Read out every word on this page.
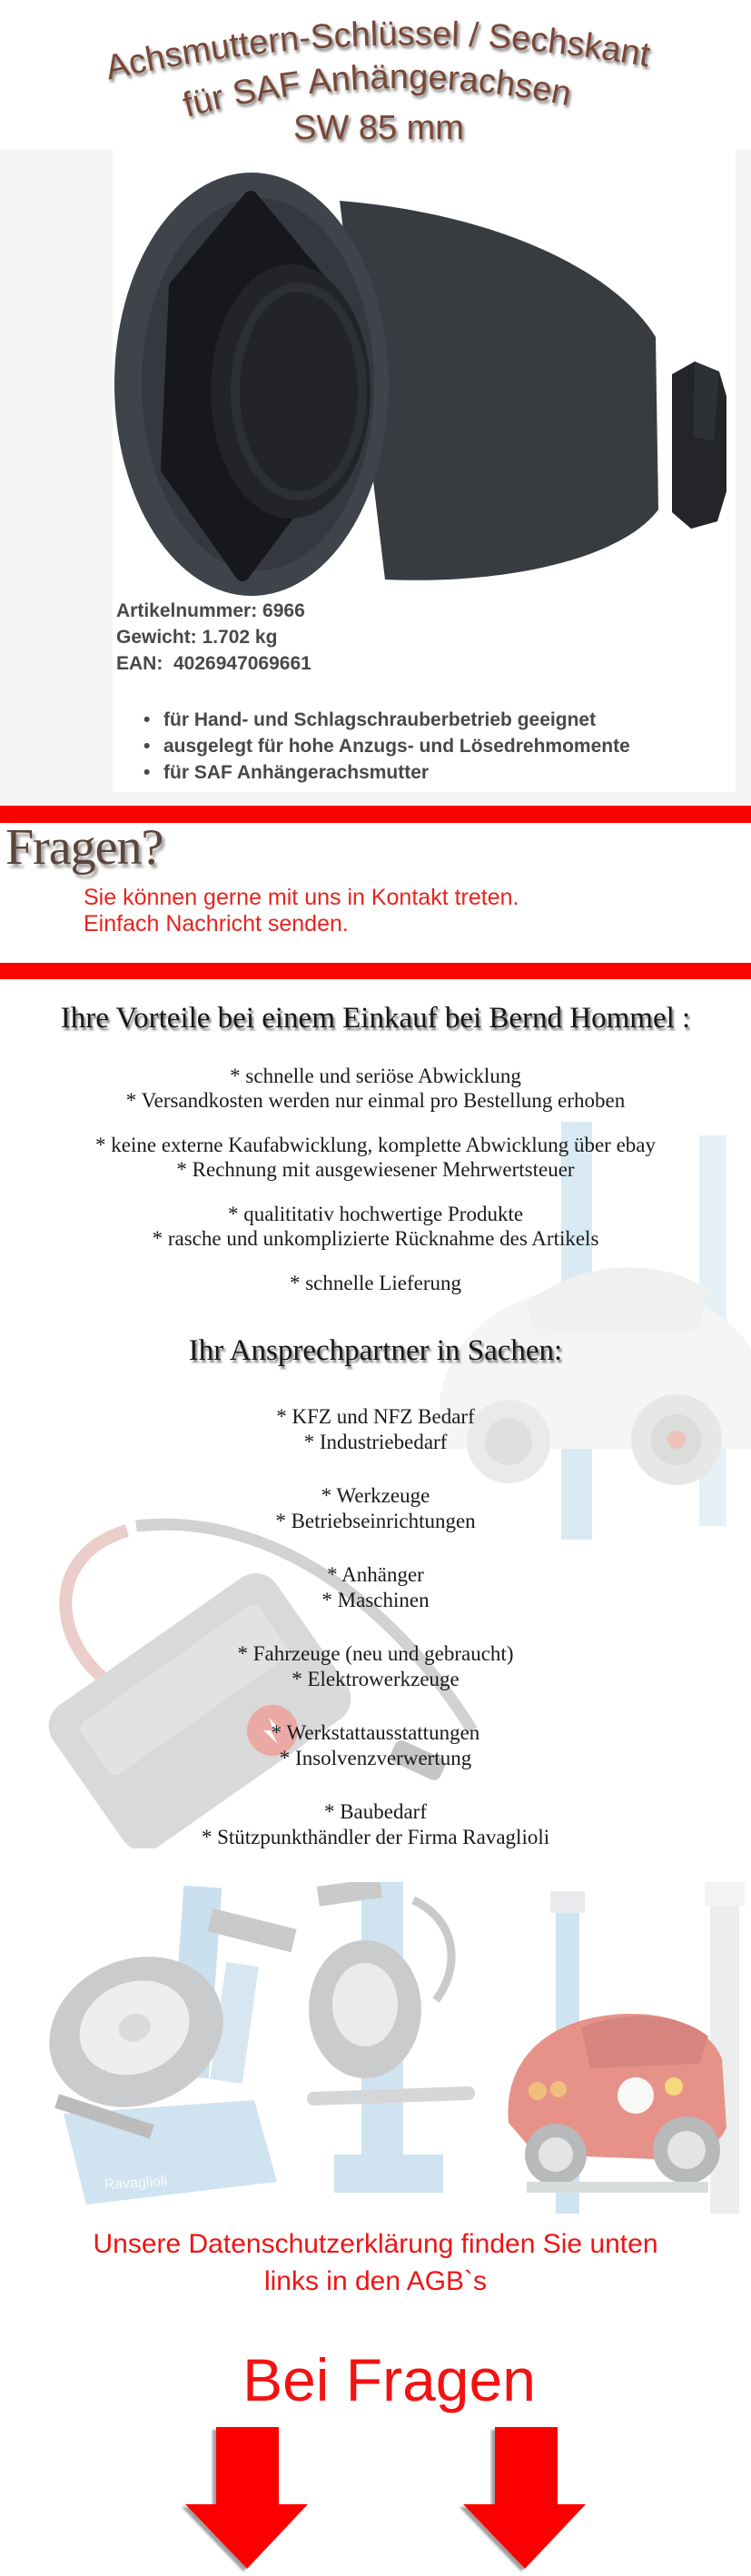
Achsmuttern-Schlüssel / Sechskant
für SAF Anhängerachsen
SW 85 mm
Artikelnummer: 6966
Gewicht: 1.702 kg
EAN:  4026947069661
• für Hand- und Schlagschrauberbetrieb geeignet
• ausgelegt für hohe Anzugs- und Lösedrehmomente
• für SAF Anhängerachsmutter
Fragen?
Sie können gerne mit uns in Kontakt treten.
Einfach Nachricht senden.
Ihre Vorteile bei einem Einkauf bei Bernd Hommel :
* schnelle und seriöse Abwicklung
* Versandkosten werden nur einmal pro Bestellung erhoben
* keine externe Kaufabwicklung, komplette Abwicklung über ebay
* Rechnung mit ausgewiesener Mehrwertsteuer
* qualititativ hochwertige Produkte
* rasche und unkomplizierte Rücknahme des Artikels
* schnelle Lieferung
Ihr Ansprechpartner in Sachen:
* KFZ und NFZ Bedarf
* Industriebedarf
* Werkzeuge
* Betriebseinrichtungen
* Anhänger
* Maschinen
* Fahrzeuge (neu und gebraucht)
* Elektrowerkzeuge
* Werkstattausstattungen
* Insolvenzverwertung
* Baubedarf
* Stützpunkthändler der Firma Ravaglioli
Ravaglioli
Unsere Datenschutzerklärung finden Sie unten
links in den AGB`s
Bei Fragen
